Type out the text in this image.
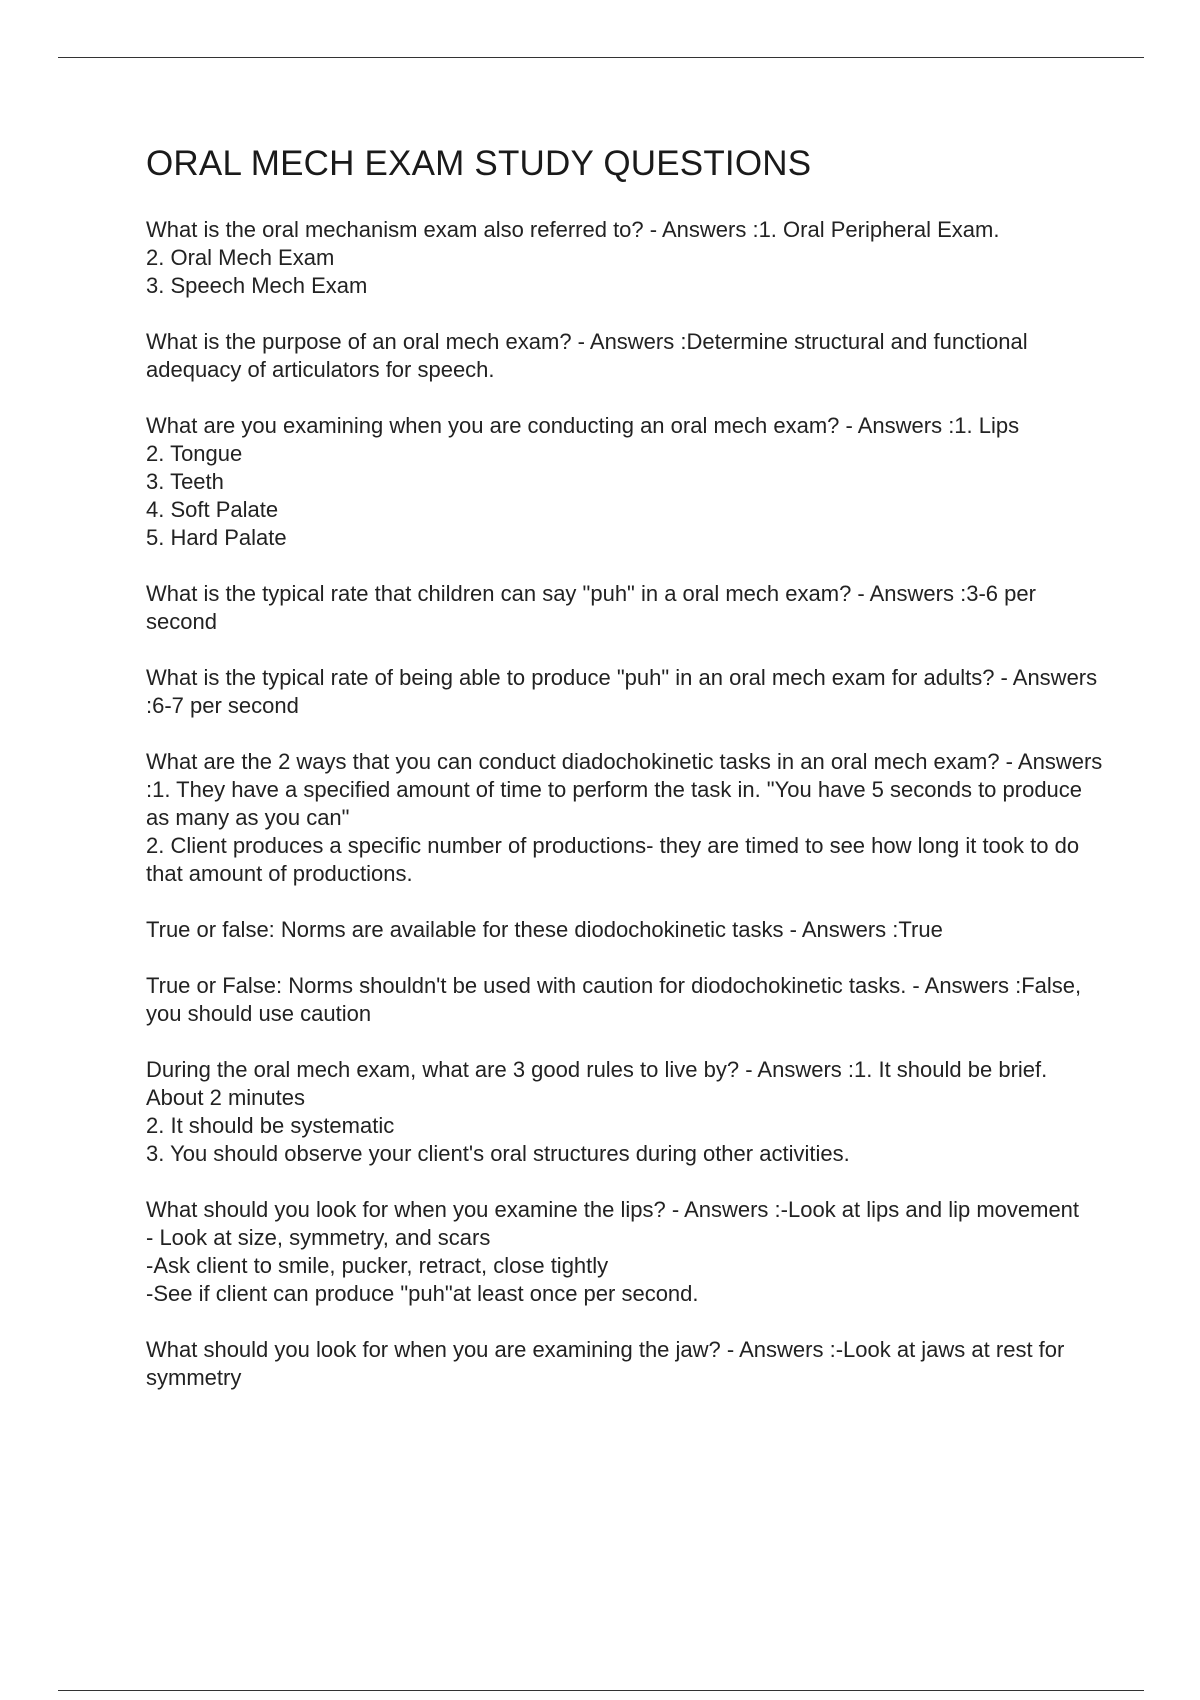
ORAL MECH EXAM STUDY QUESTIONS

What is the oral mechanism exam also referred to? - Answers :1. Oral Peripheral Exam.
2. Oral Mech Exam
3. Speech Mech Exam

What is the purpose of an oral mech exam? - Answers :Determine structural and functional adequacy of articulators for speech.

What are you examining when you are conducting an oral mech exam? - Answers :1. Lips
2. Tongue
3. Teeth
4. Soft Palate
5. Hard Palate

What is the typical rate that children can say "puh" in a oral mech exam? - Answers :3-6 per second

What is the typical rate of being able to produce "puh" in an oral mech exam for adults? - Answers :6-7 per second

What are the 2 ways that you can conduct diadochokinetic tasks in an oral mech exam? - Answers :1. They have a specified amount of time to perform the task in. "You have 5 seconds to produce as many as you can"
2. Client produces a specific number of productions- they are timed to see how long it took to do that amount of productions.

True or false: Norms are available for these diodochokinetic tasks - Answers :True

True or False: Norms shouldn't be used with caution for diodochokinetic tasks. - Answers :False, you should use caution

During the oral mech exam, what are 3 good rules to live by? - Answers :1. It should be brief. About 2 minutes
2. It should be systematic
3. You should observe your client's oral structures during other activities.

What should you look for when you examine the lips? - Answers :-Look at lips and lip movement
- Look at size, symmetry, and scars
-Ask client to smile, pucker, retract, close tightly
-See if client can produce "puh"at least once per second.

What should you look for when you are examining the jaw? - Answers :-Look at jaws at rest for symmetry
